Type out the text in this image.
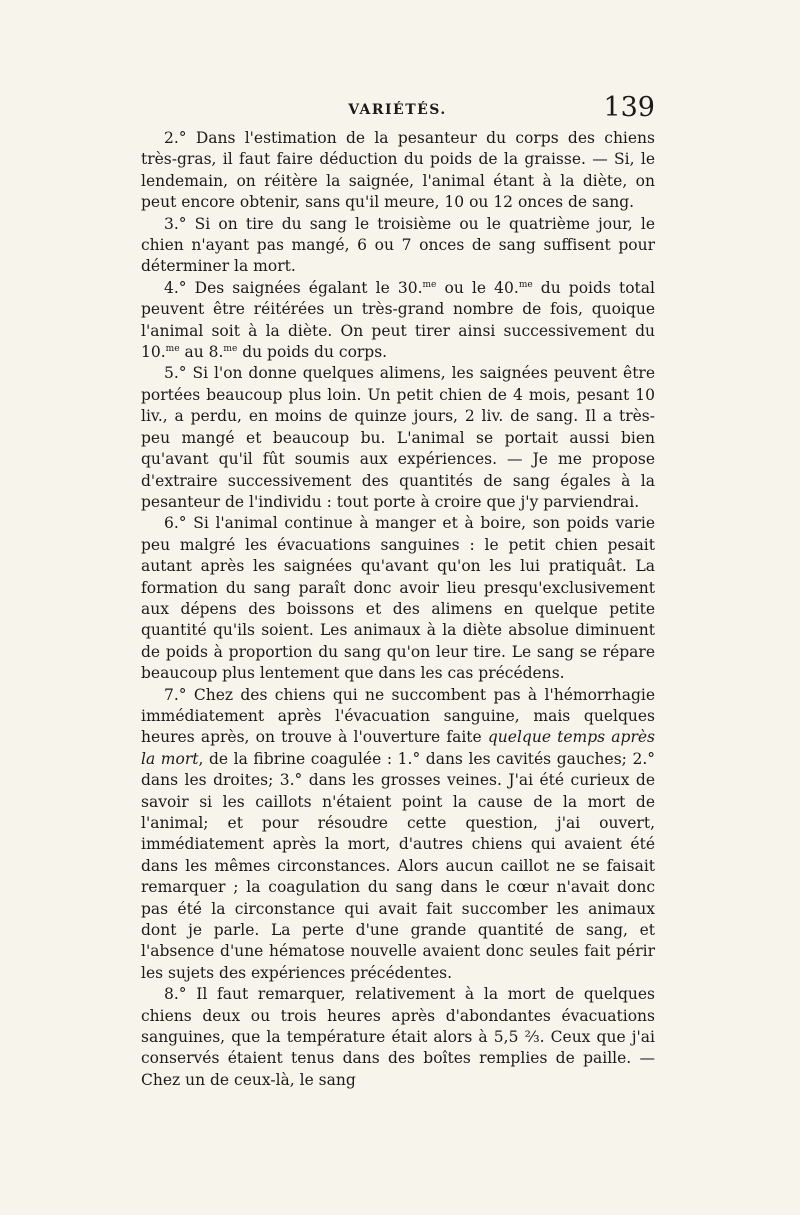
VARIÉTÉS.	139

2.° Dans l'estimation de la pesanteur du corps des chiens très-gras, il faut faire déduction du poids de la graisse. — Si, le lendemain, on réitère la saignée, l'animal étant à la diète, on peut encore obtenir, sans qu'il meure, 10 ou 12 onces de sang.

3.° Si on tire du sang le troisième ou le quatrième jour, le chien n'ayant pas mangé, 6 ou 7 onces de sang suffisent pour déterminer la mort.

4.° Des saignées égalant le 30.$^{me}$ ou le 40.$^{me}$ du poids total peuvent être réitérées un très-grand nombre de fois, quoique l'animal soit à la diète. On peut tirer ainsi successivement du 10.$^{me}$ au 8.$^{me}$ du poids du corps.

5.° Si l'on donne quelques alimens, les saignées peuvent être portées beaucoup plus loin. Un petit chien de 4 mois, pesant 10 liv., a perdu, en moins de quinze jours, 2 liv. de sang. Il a très-peu mangé et beaucoup bu. L'animal se portait aussi bien qu'avant qu'il fût soumis aux expériences. — Je me propose d'extraire successivement des quantités de sang égales à la pesanteur de l'individu : tout porte à croire que j'y parviendrai.

6.° Si l'animal continue à manger et à boire, son poids varie peu malgré les évacuations sanguines : le petit chien pesait autant après les saignées qu'avant qu'on les lui pratiquât. La formation du sang paraît donc avoir lieu presqu'exclusivement aux dépens des boissons et des alimens en quelque petite quantité qu'ils soient. Les animaux à la diète absolue diminuent de poids à proportion du sang qu'on leur tire. Le sang se répare beaucoup plus lentement que dans les cas précédens.

7.° Chez des chiens qui ne succombent pas à l'hémorrhagie immédiatement après l'évacuation sanguine, mais quelques heures après, on trouve à l'ouverture faite quelque temps après la mort, de la fibrine coagulée : 1.° dans les cavités gauches; 2.° dans les droites; 3.° dans les grosses veines. J'ai été curieux de savoir si les caillots n'étaient point la cause de la mort de l'animal; et pour résoudre cette question, j'ai ouvert, immédiatement après la mort, d'autres chiens qui avaient été dans les mêmes circonstances. Alors aucun caillot ne se faisait remarquer ; la coagulation du sang dans le cœur n'avait donc pas été la circonstance qui avait fait succomber les animaux dont je parle. La perte d'une grande quantité de sang, et l'absence d'une hématose nouvelle avaient donc seules fait périr les sujets des expériences précédentes.

8.° Il faut remarquer, relativement à la mort de quelques chiens deux ou trois heures après d'abondantes évacuations sanguines, que la température était alors à 5,5 ⅔. Ceux que j'ai conservés étaient tenus dans des boîtes remplies de paille. — Chez un de ceux-là, le sang
